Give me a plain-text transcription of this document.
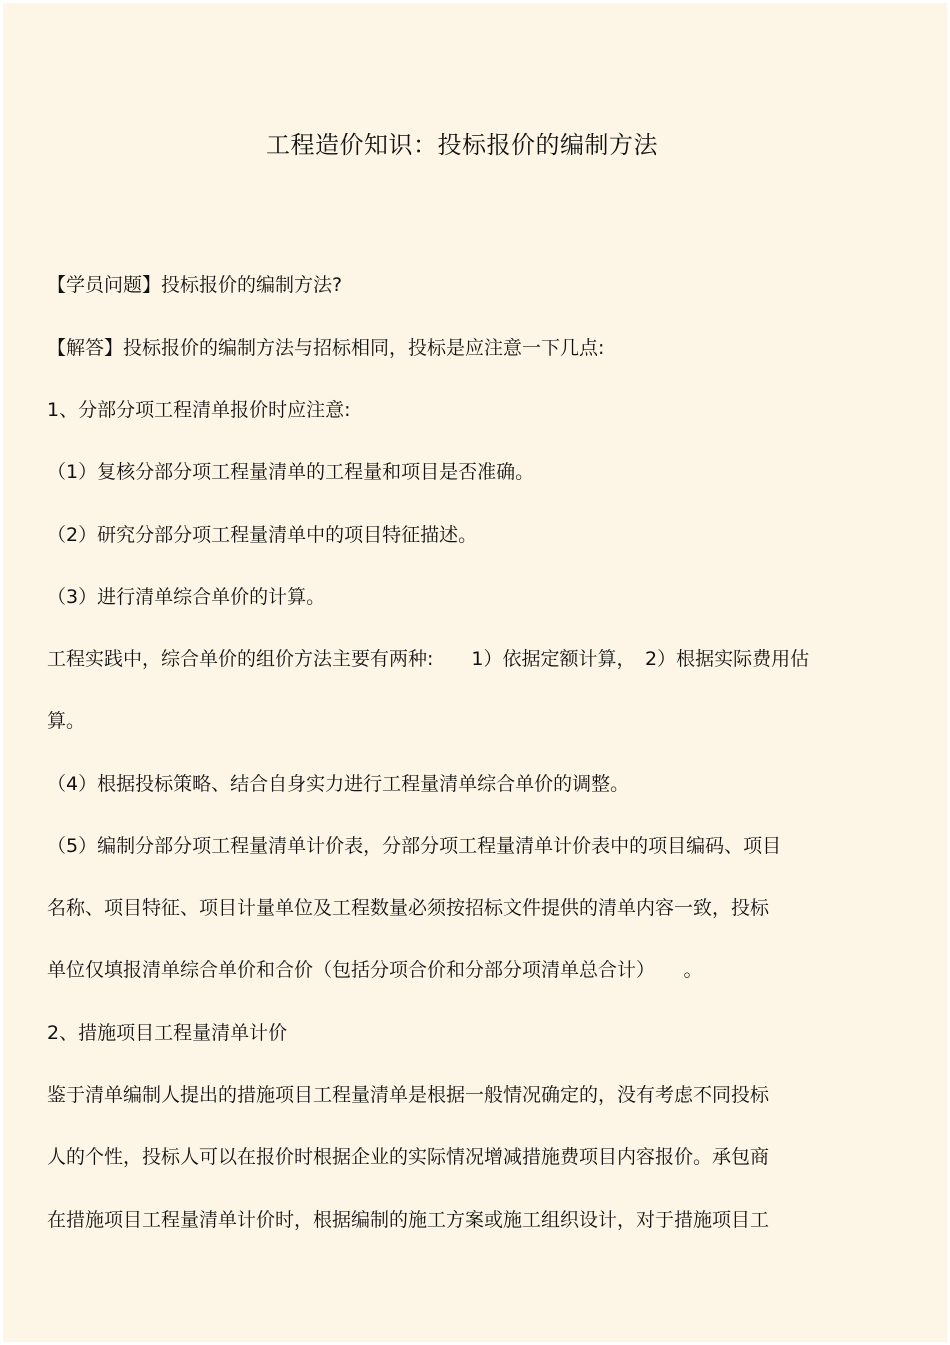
工程造价知识：投标报价的编制方法
【学员问题】投标报价的编制方法?
【解答】投标报价的编制方法与招标相同，投标是应注意一下几点:
1、分部分项工程清单报价时应注意:
（1）复核分部分项工程量清单的工程量和项目是否准确。
（2）研究分部分项工程量清单中的项目特征描述。
（3）进行清单综合单价的计算。
工程实践中，综合单价的组价方法主要有两种:　　1）依据定额计算，　2）根据实际费用估
算。
（4）根据投标策略、结合自身实力进行工程量清单综合单价的调整。
（5）编制分部分项工程量清单计价表，分部分项工程量清单计价表中的项目编码、项目
名称、项目特征、项目计量单位及工程数量必须按招标文件提供的清单内容一致，投标
单位仅填报清单综合单价和合价（包括分项合价和分部分项清单总合计）　　。
2、措施项目工程量清单计价
鉴于清单编制人提出的措施项目工程量清单是根据一般情况确定的，没有考虑不同投标
人的个性，投标人可以在报价时根据企业的实际情况增减措施费项目内容报价。承包商
在措施项目工程量清单计价时，根据编制的施工方案或施工组织设计，对于措施项目工
